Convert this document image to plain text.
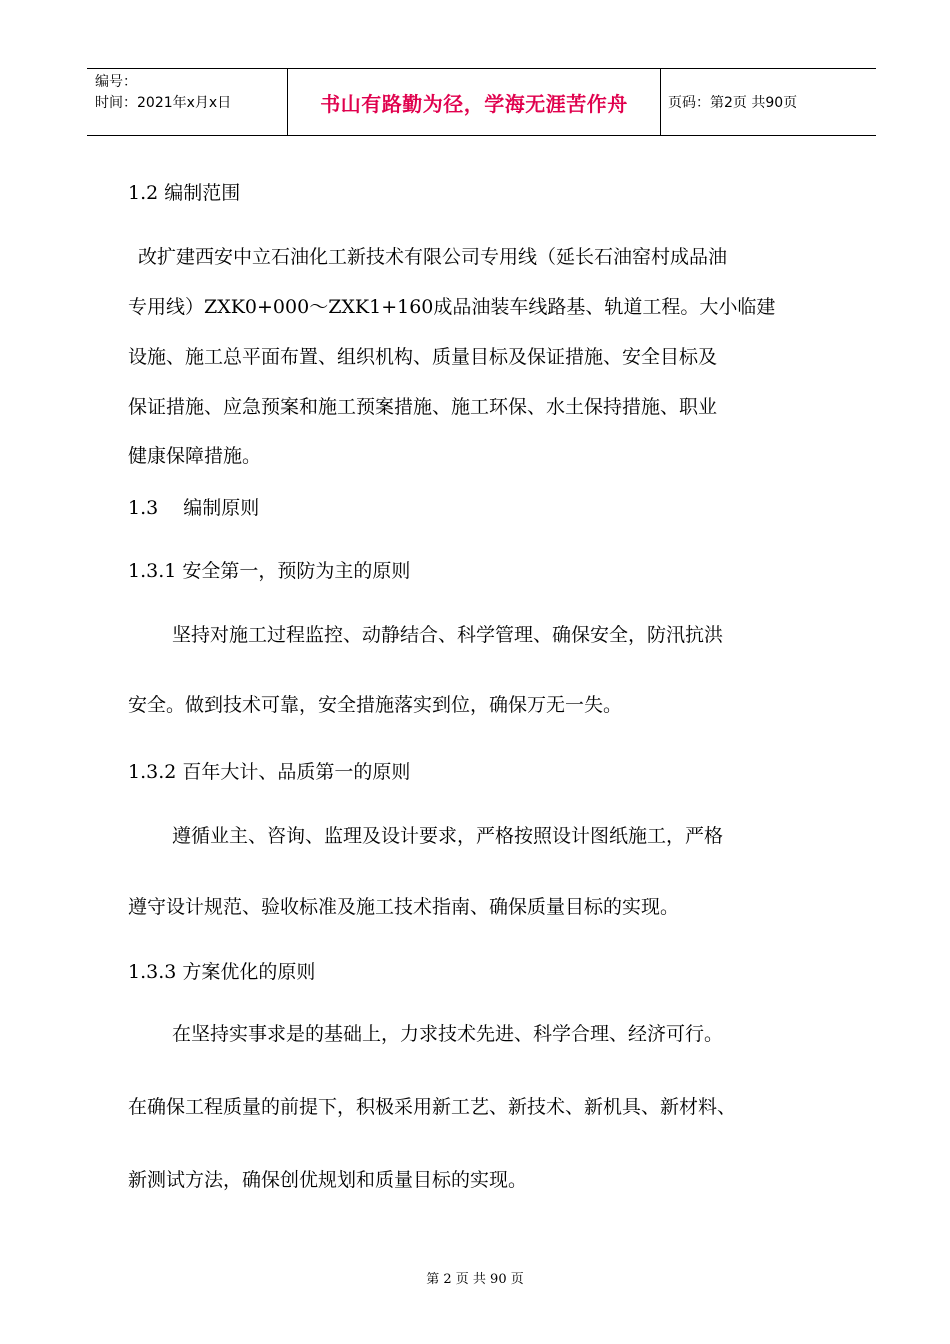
编号：
时间：2021年x月x日	书山有路勤为径，学海无涯苦作舟	页码：第2页 共90页
1.2 编制范围
改扩建西安中立石油化工新技术有限公司专用线（延长石油窑村成品油
专用线）ZXK0+000～ZXK1+160成品油装车线路基、轨道工程。大小临建
设施、施工总平面布置、组织机构、质量目标及保证措施、安全目标及
保证措施、应急预案和施工预案措施、施工环保、水土保持措施、职业
健康保障措施。
1.3　 编制原则
1.3.1 安全第一，预防为主的原则
坚持对施工过程监控、动静结合、科学管理、确保安全，防汛抗洪
安全。做到技术可靠，安全措施落实到位，确保万无一失。
1.3.2 百年大计、品质第一的原则
遵循业主、咨询、监理及设计要求，严格按照设计图纸施工，严格
遵守设计规范、验收标准及施工技术指南、确保质量目标的实现。
1.3.3 方案优化的原则
在坚持实事求是的基础上，力求技术先进、科学合理、经济可行。
在确保工程质量的前提下，积极采用新工艺、新技术、新机具、新材料、
新测试方法，确保创优规划和质量目标的实现。
第 2 页 共 90 页
